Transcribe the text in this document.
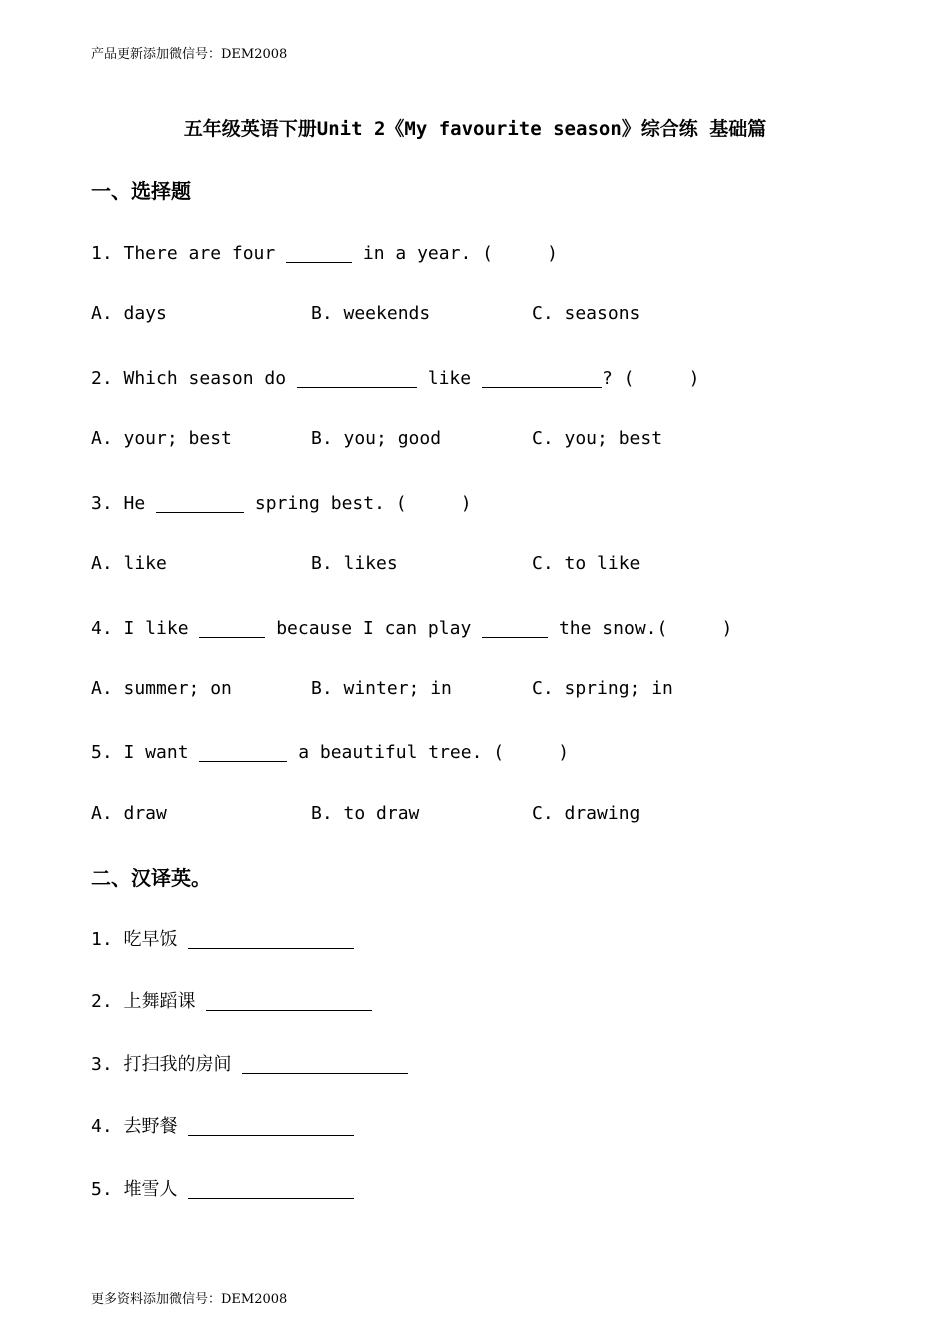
产品更新添加微信号：DEM2008
五年级英语下册Unit 2《My favourite season》综合练 基础篇
一、选择题
1. There are four	in a year. (     )
A. days	B. weekends	C. seasons
2. Which season do	like	? (     )
A. your; best	B. you; good	C. you; best
3. He	spring best. (     )
A. like	B. likes	C. to like
4. I like	because I can play	the snow.(     )
A. summer; on	B. winter; in	C. spring; in
5. I want	a beautiful tree. (     )
A. draw	B. to draw	C. drawing
二、汉译英。
1. 吃早饭
2. 上舞蹈课
3. 打扫我的房间
4. 去野餐
5. 堆雪人
更多资料添加微信号：DEM2008
